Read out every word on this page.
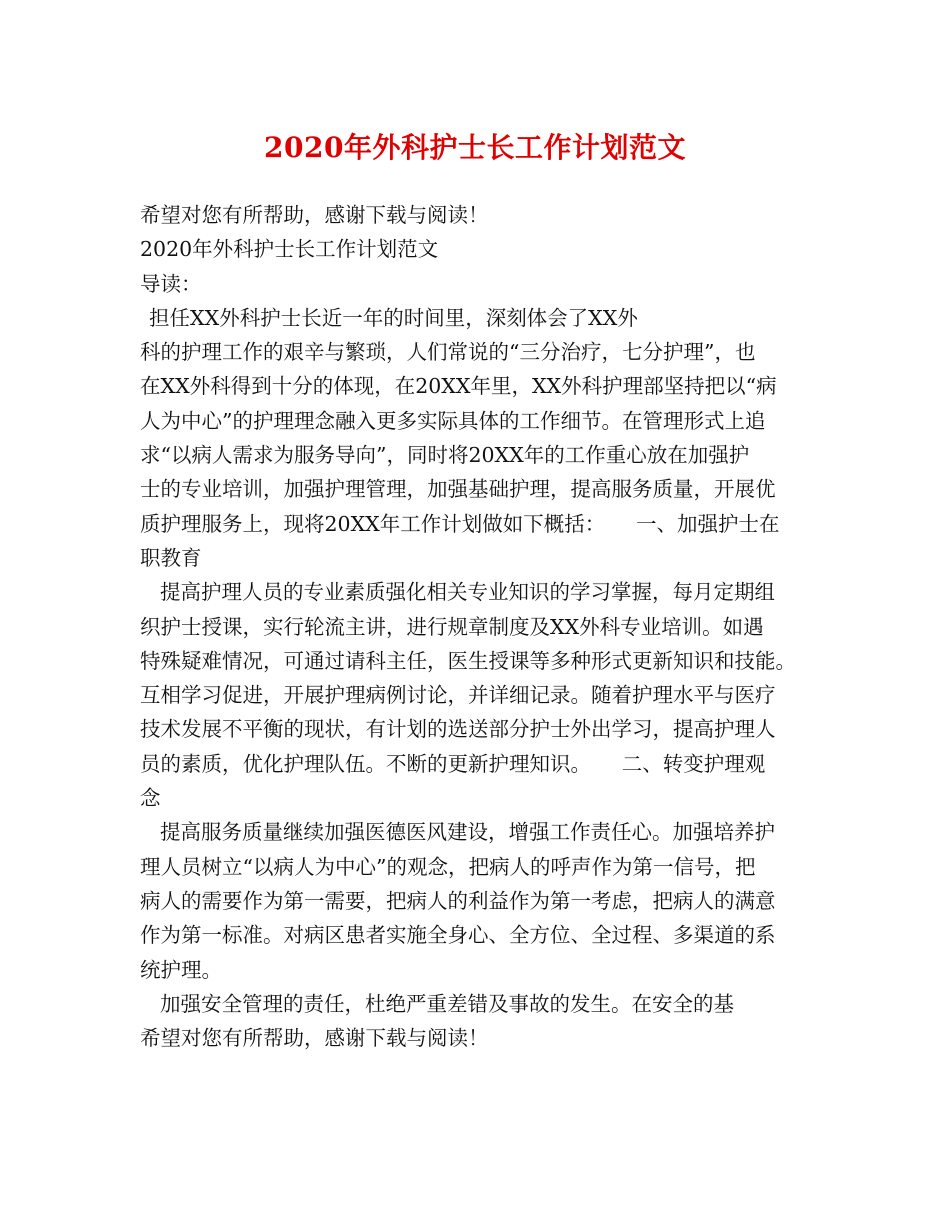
2020年外科护士长工作计划范文
希望对您有所帮助，感谢下载与阅读！
2020年外科护士长工作计划范文
导读：
担任XX外科护士长近一年的时间里，深刻体会了XX外
科的护理工作的艰辛与繁琐，人们常说的“三分治疗，七分护理”，也
在XX外科得到十分的体现，在20XX年里，XX外科护理部坚持把以“病
人为中心”的护理理念融入更多实际具体的工作细节。在管理形式上追
求“以病人需求为服务导向”，同时将20XX年的工作重心放在加强护
士的专业培训，加强护理管理，加强基础护理，提高服务质量，开展优
质护理服务上，现将20XX年工作计划做如下概括：　　一、加强护士在
职教育
提高护理人员的专业素质强化相关专业知识的学习掌握，每月定期组
织护士授课，实行轮流主讲，进行规章制度及XX外科专业培训。如遇
特殊疑难情况，可通过请科主任，医生授课等多种形式更新知识和技能。
互相学习促进，开展护理病例讨论，并详细记录。随着护理水平与医疗
技术发展不平衡的现状，有计划的选送部分护士外出学习，提高护理人
员的素质，优化护理队伍。不断的更新护理知识。　　二、转变护理观
念
提高服务质量继续加强医德医风建设，增强工作责任心。加强培养护
理人员树立“以病人为中心”的观念，把病人的呼声作为第一信号，把
病人的需要作为第一需要，把病人的利益作为第一考虑，把病人的满意
作为第一标准。对病区患者实施全身心、全方位、全过程、多渠道的系
统护理。
加强安全管理的责任，杜绝严重差错及事故的发生。在安全的基
希望对您有所帮助，感谢下载与阅读！
